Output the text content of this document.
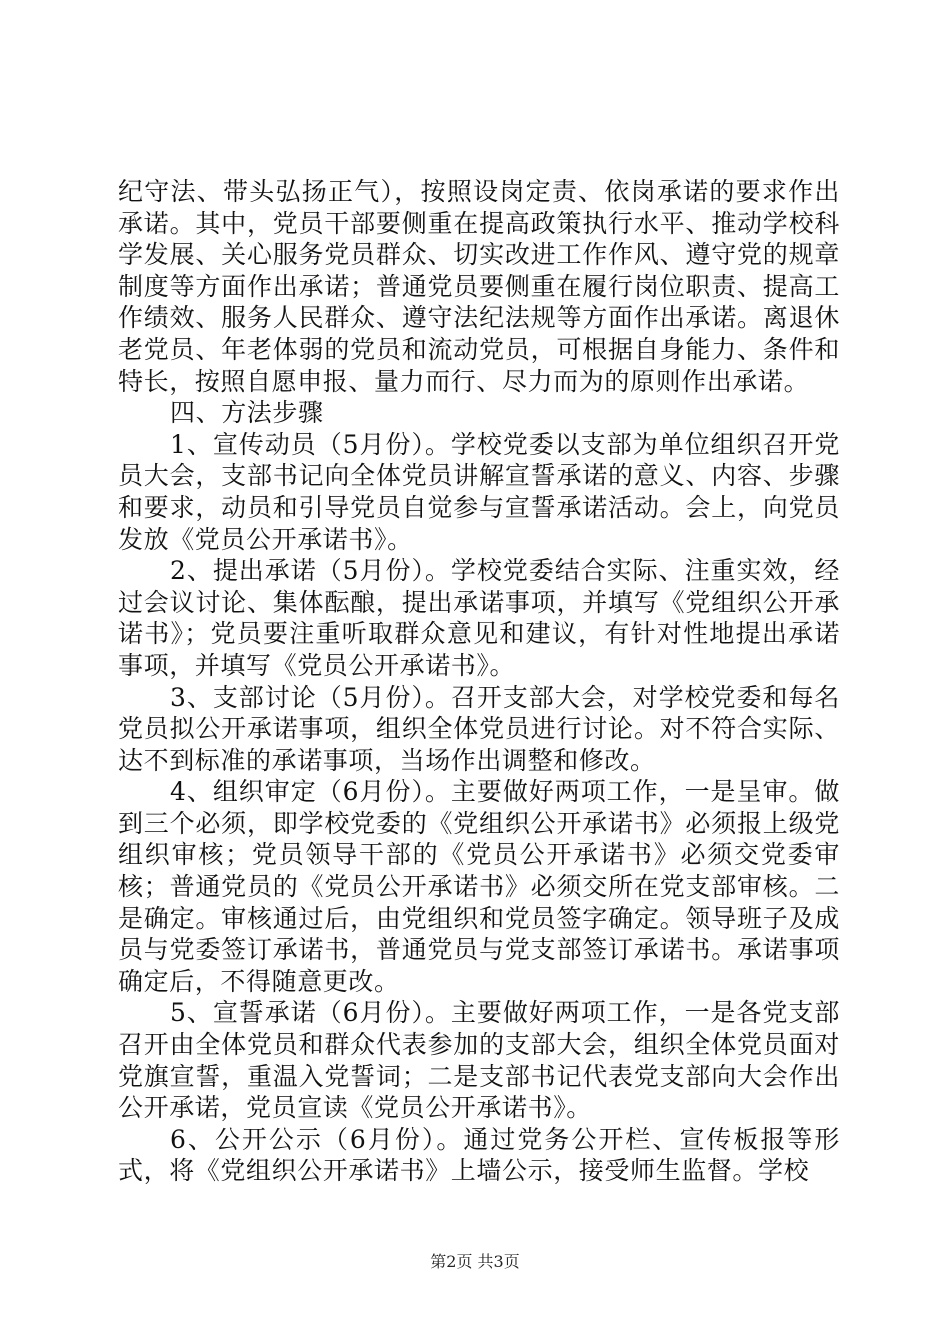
纪守法、带头弘扬正气），按照设岗定责、依岗承诺的要求作出承诺。其中，党员干部要侧重在提高政策执行水平、推动学校科学发展、关心服务党员群众、切实改进工作作风、遵守党的规章制度等方面作出承诺；普通党员要侧重在履行岗位职责、提高工作绩效、服务人民群众、遵守法纪法规等方面作出承诺。离退休老党员、年老体弱的党员和流动党员，可根据自身能力、条件和特长，按照自愿申报、量力而行、尽力而为的原则作出承诺。

四、方法步骤

1、宣传动员（5月份）。学校党委以支部为单位组织召开党员大会，支部书记向全体党员讲解宣誓承诺的意义、内容、步骤和要求，动员和引导党员自觉参与宣誓承诺活动。会上，向党员发放《党员公开承诺书》。

2、提出承诺（5月份）。学校党委结合实际、注重实效，经过会议讨论、集体酝酿，提出承诺事项，并填写《党组织公开承诺书》；党员要注重听取群众意见和建议，有针对性地提出承诺事项，并填写《党员公开承诺书》。

3、支部讨论（5月份）。召开支部大会，对学校党委和每名党员拟公开承诺事项，组织全体党员进行讨论。对不符合实际、达不到标准的承诺事项，当场作出调整和修改。

4、组织审定（6月份）。主要做好两项工作，一是呈审。做到三个必须，即学校党委的《党组织公开承诺书》必须报上级党组织审核；党员领导干部的《党员公开承诺书》必须交党委审核；普通党员的《党员公开承诺书》必须交所在党支部审核。二是确定。审核通过后，由党组织和党员签字确定。领导班子及成员与党委签订承诺书，普通党员与党支部签订承诺书。承诺事项确定后，不得随意更改。

5、宣誓承诺（6月份）。主要做好两项工作，一是各党支部召开由全体党员和群众代表参加的支部大会，组织全体党员面对党旗宣誓，重温入党誓词；二是支部书记代表党支部向大会作出公开承诺，党员宣读《党员公开承诺书》。

6、公开公示（6月份）。通过党务公开栏、宣传板报等形式，将《党组织公开承诺书》上墙公示，接受师生监督。学校

第2页 共3页
